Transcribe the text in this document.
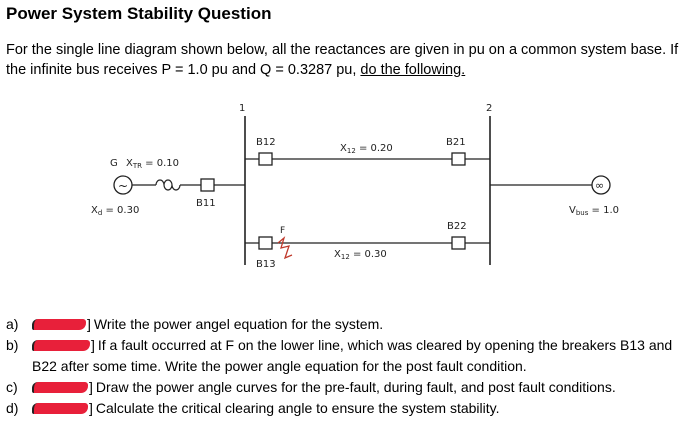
Power System Stability Question
For the single line diagram shown below, all the reactances are given in pu on a common system base. If the infinite bus receives P = 1.0 pu and Q = 0.3287 pu, do the following.
1	2
B12	B21
$X_{12} = 0.20$
B13
B22
$X_{12} = 0.30$
F
~
B11
G $X_{TR} = 0.10$
$X_d = 0.30$
∞
$V_{bus} = 1.0$
a)	] Write the power angel equation for the system.
b)	] If a fault occurred at F on the lower line, which was cleared by opening the breakers B13 and B22 after some time. Write the power angle equation for the post fault condition.
c)	] Draw the power angle curves for the pre-fault, during fault, and post fault conditions.
d)	] Calculate the critical clearing angle to ensure the system stability.
